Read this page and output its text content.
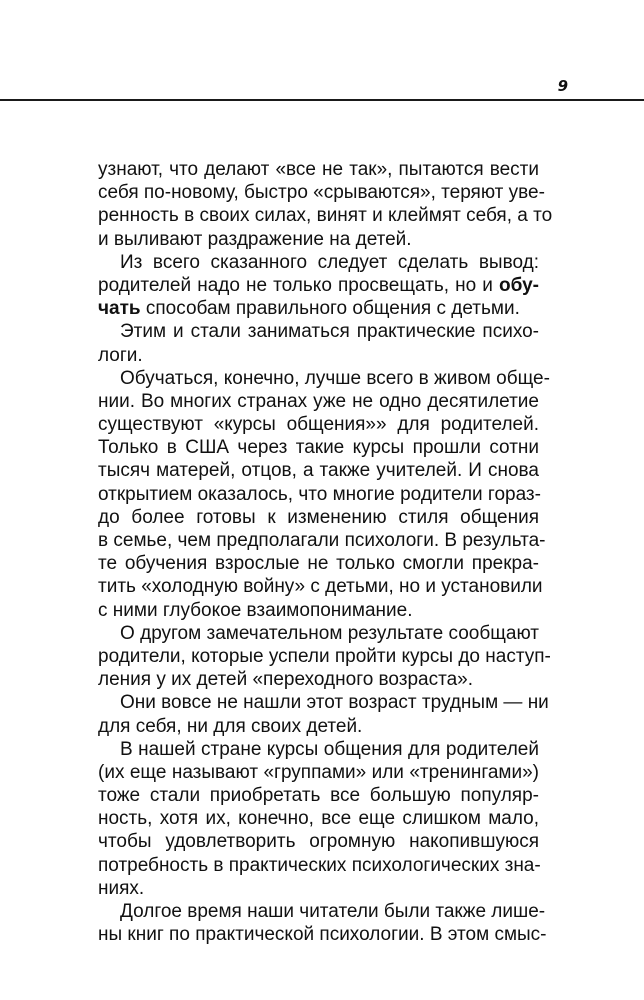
9
узнают, что делают «все не так», пытаются вести
себя по-новому, быстро «срываются», теряют уве-
ренность в своих силах, винят и клеймят себя, а то
и выливают раздражение на детей.
Из всего сказанного следует сделать вывод:
родителей надо не только просвещать, но и обу-
чать способам правильного общения с детьми.
Этим и стали заниматься практические психо-
логи.
Обучаться, конечно, лучше всего в живом обще-
нии. Во многих странах уже не одно десятилетие
существуют «курсы общения»» для родителей.
Только в США через такие курсы прошли сотни
тысяч матерей, отцов, а также учителей. И снова
открытием оказалось, что многие родители гораз-
до более готовы к изменению стиля общения
в семье, чем предполагали психологи. В результа-
те обучения взрослые не только смогли прекра-
тить «холодную войну» с детьми, но и установили
с ними глубокое взаимопонимание.
О другом замечательном результате сообщают
родители, которые успели пройти курсы до наступ-
ления у их детей «переходного возраста».
Они вовсе не нашли этот возраст трудным — ни
для себя, ни для своих детей.
В нашей стране курсы общения для родителей
(их еще называют «группами» или «тренингами»)
тоже стали приобретать все большую популяр-
ность, хотя их, конечно, все еще слишком мало,
чтобы удовлетворить огромную накопившуюся
потребность в практических психологических зна-
ниях.
Долгое время наши читатели были также лише-
ны книг по практической психологии. В этом смыс-
